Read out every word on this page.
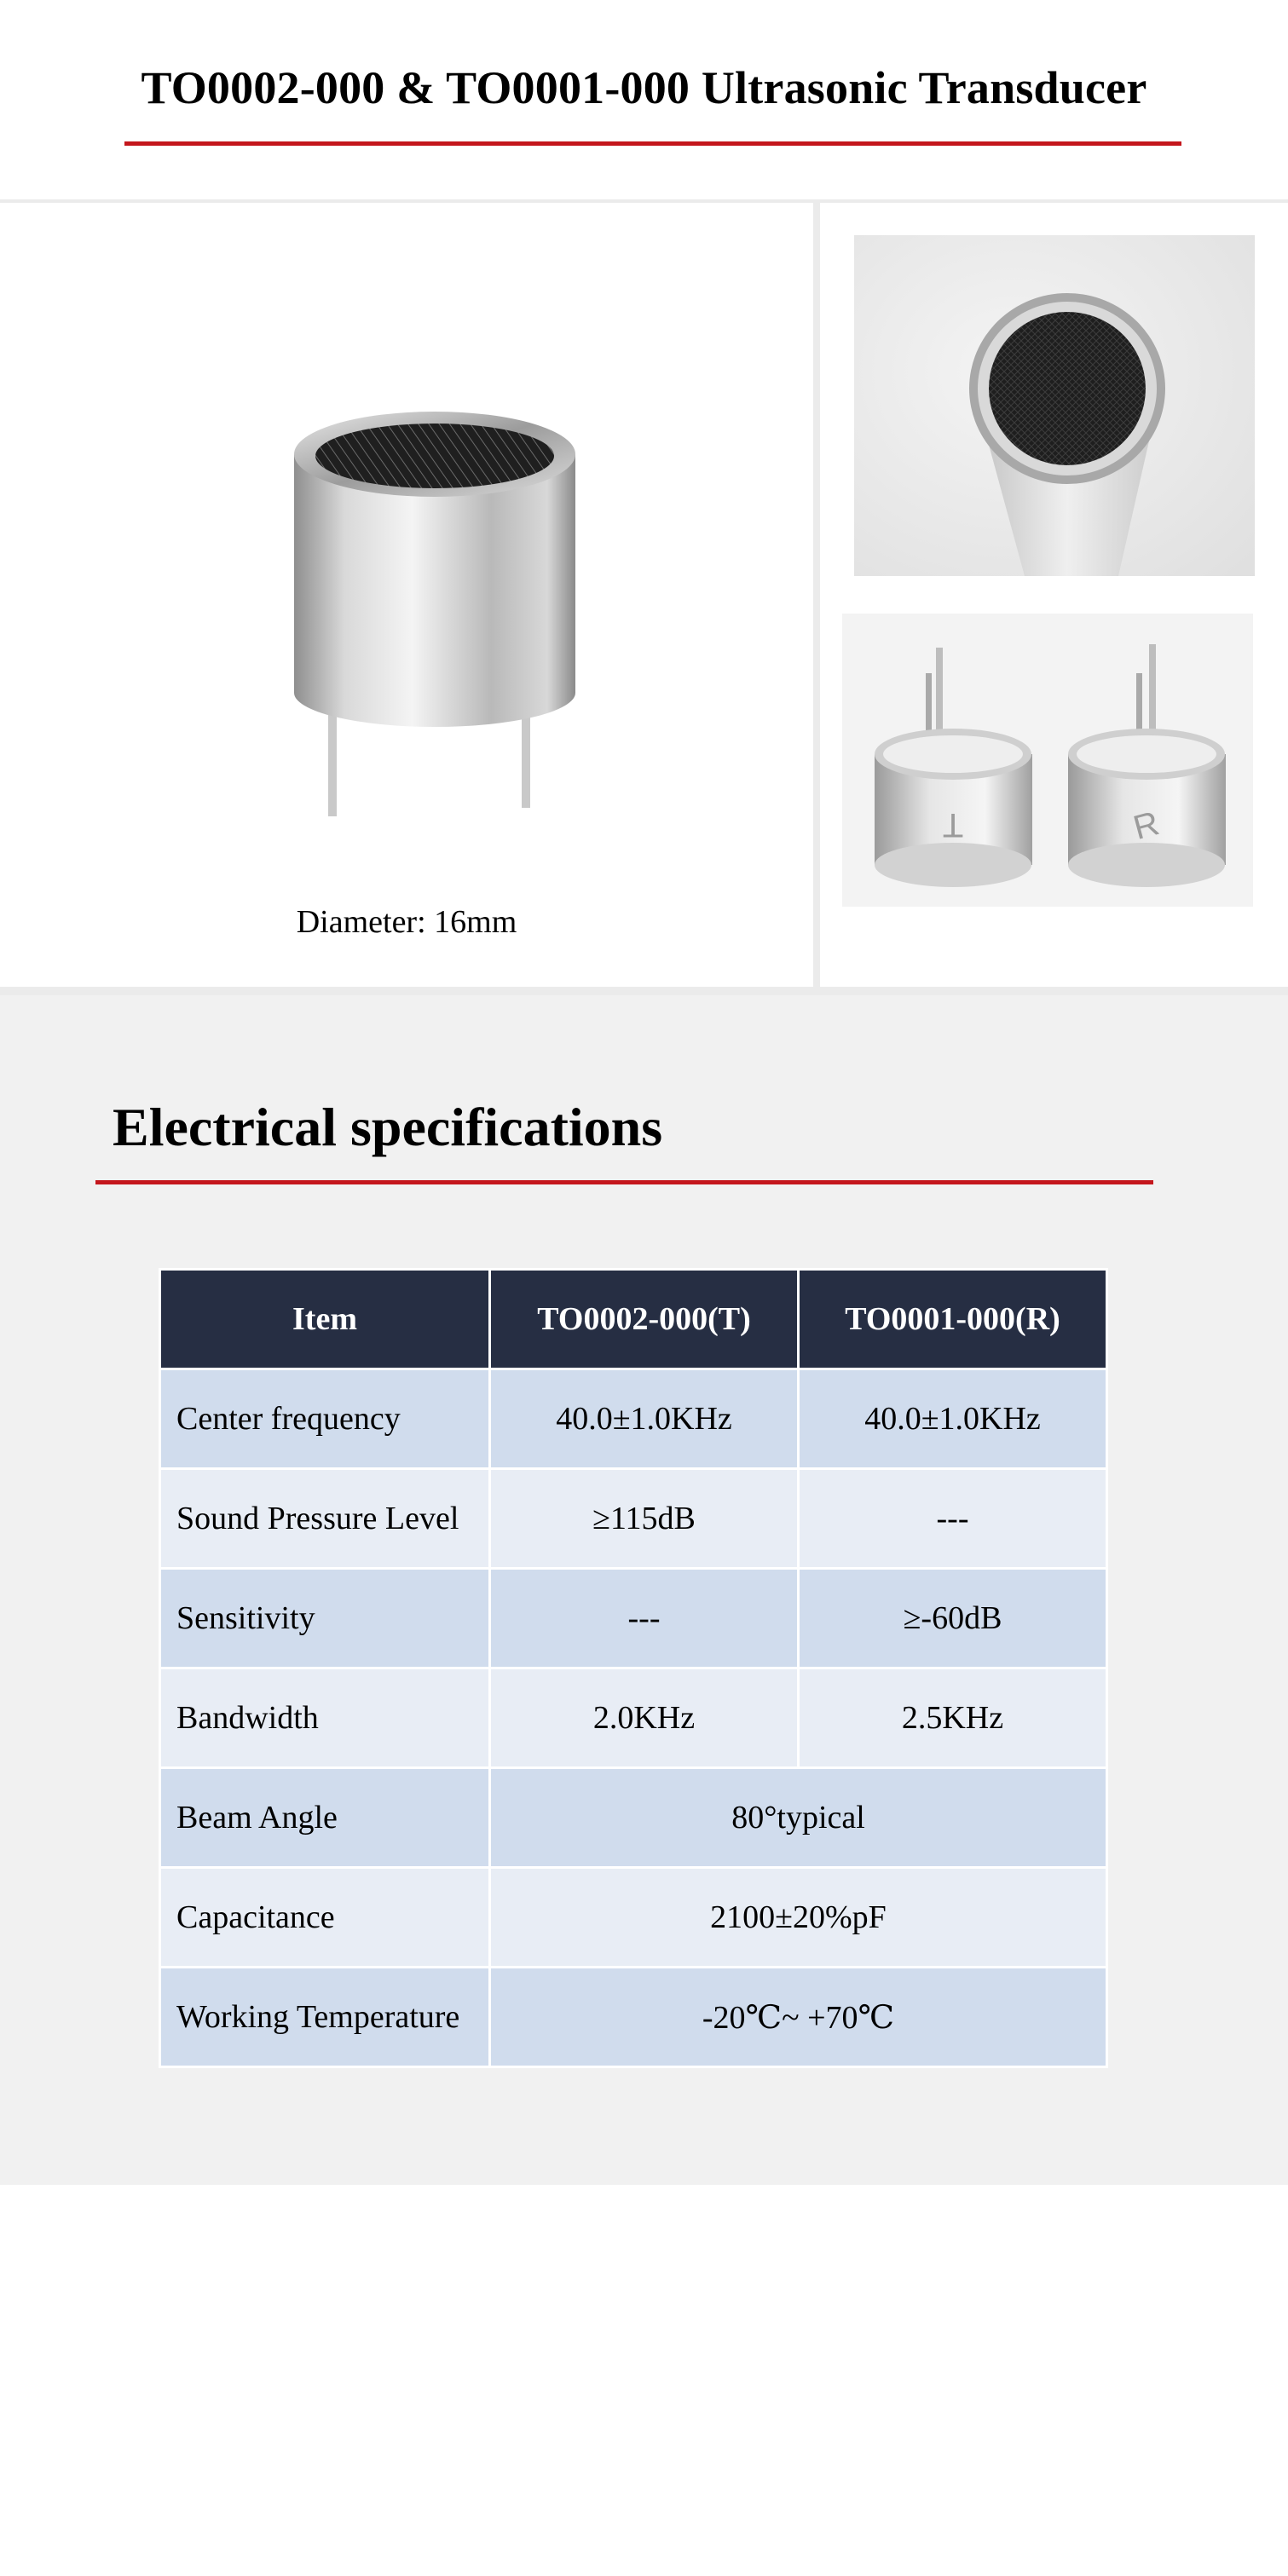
TO0002-000 & TO0001-000 Ultrasonic Transducer
Diameter: 16mm
T	R
Electrical specifications
Item	TO0002-000(T)	TO0001-000(R)
Center frequency	40.0±1.0KHz	40.0±1.0KHz
Sound Pressure Level	≥115dB	---
Sensitivity	---	≥-60dB
Bandwidth	2.0KHz	2.5KHz
Beam Angle	80°typical	
Capacitance	2100±20%pF	
Working Temperature	-20℃~ +70℃	
